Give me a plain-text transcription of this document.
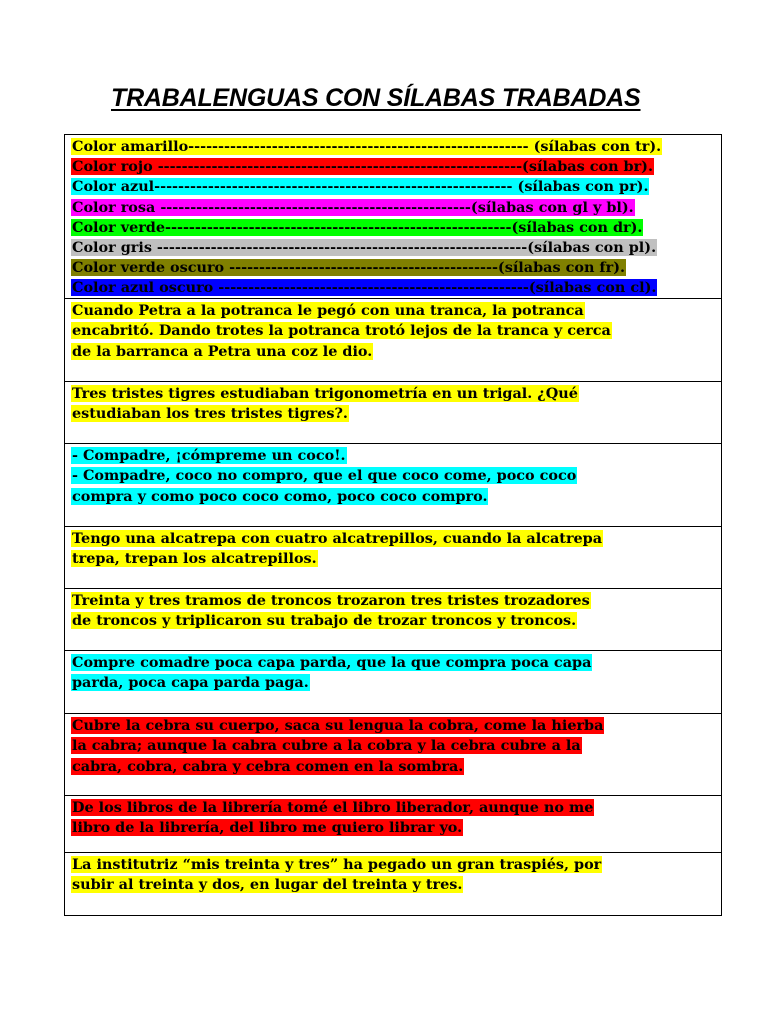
TRABALENGUAS CON SÍLABAS TRABADAS
Color amarillo--------------------------------------------------------- (sílabas con tr).
Color rojo -------------------------------------------------------------(sílabas con br).
Color azul------------------------------------------------------------ (sílabas con pr).
Color rosa ----------------------------------------------------(sílabas con gl y bl).
Color verde----------------------------------------------------------(sílabas con dr).
Color gris --------------------------------------------------------------(sílabas con pl).
Color verde oscuro ---------------------------------------------(sílabas con fr).
Color azul oscuro ----------------------------------------------------(sílabas con cl).
Cuando Petra a la potranca le pegó con una tranca, la potranca
encabritó. Dando trotes la potranca trotó lejos de la tranca y cerca
de la barranca a Petra una coz le dio.
Tres tristes tigres estudiaban trigonometría en un trigal. ¿Qué
estudiaban los tres tristes tigres?.
- Compadre, ¡cómpreme un coco!.
- Compadre, coco no compro, que el que coco come, poco coco
compra y como poco coco como, poco coco compro.
Tengo una alcatrepa con cuatro alcatrepillos, cuando la alcatrepa
trepa, trepan los alcatrepillos.
Treinta y tres tramos de troncos trozaron tres tristes trozadores
de troncos y triplicaron su trabajo de trozar troncos y troncos.
Compre comadre poca capa parda, que la que compra poca capa
parda, poca capa parda paga.
Cubre la cebra su cuerpo, saca su lengua la cobra, come la hierba
la cabra; aunque la cabra cubre a la cobra y la cebra cubre a la
cabra, cobra, cabra y cebra comen en la sombra.
De los libros de la librería tomé el libro liberador, aunque no me
libro de la librería, del libro me quiero librar yo.
La institutriz “mis treinta y tres” ha pegado un gran traspiés, por
subir al treinta y dos, en lugar del treinta y tres.
